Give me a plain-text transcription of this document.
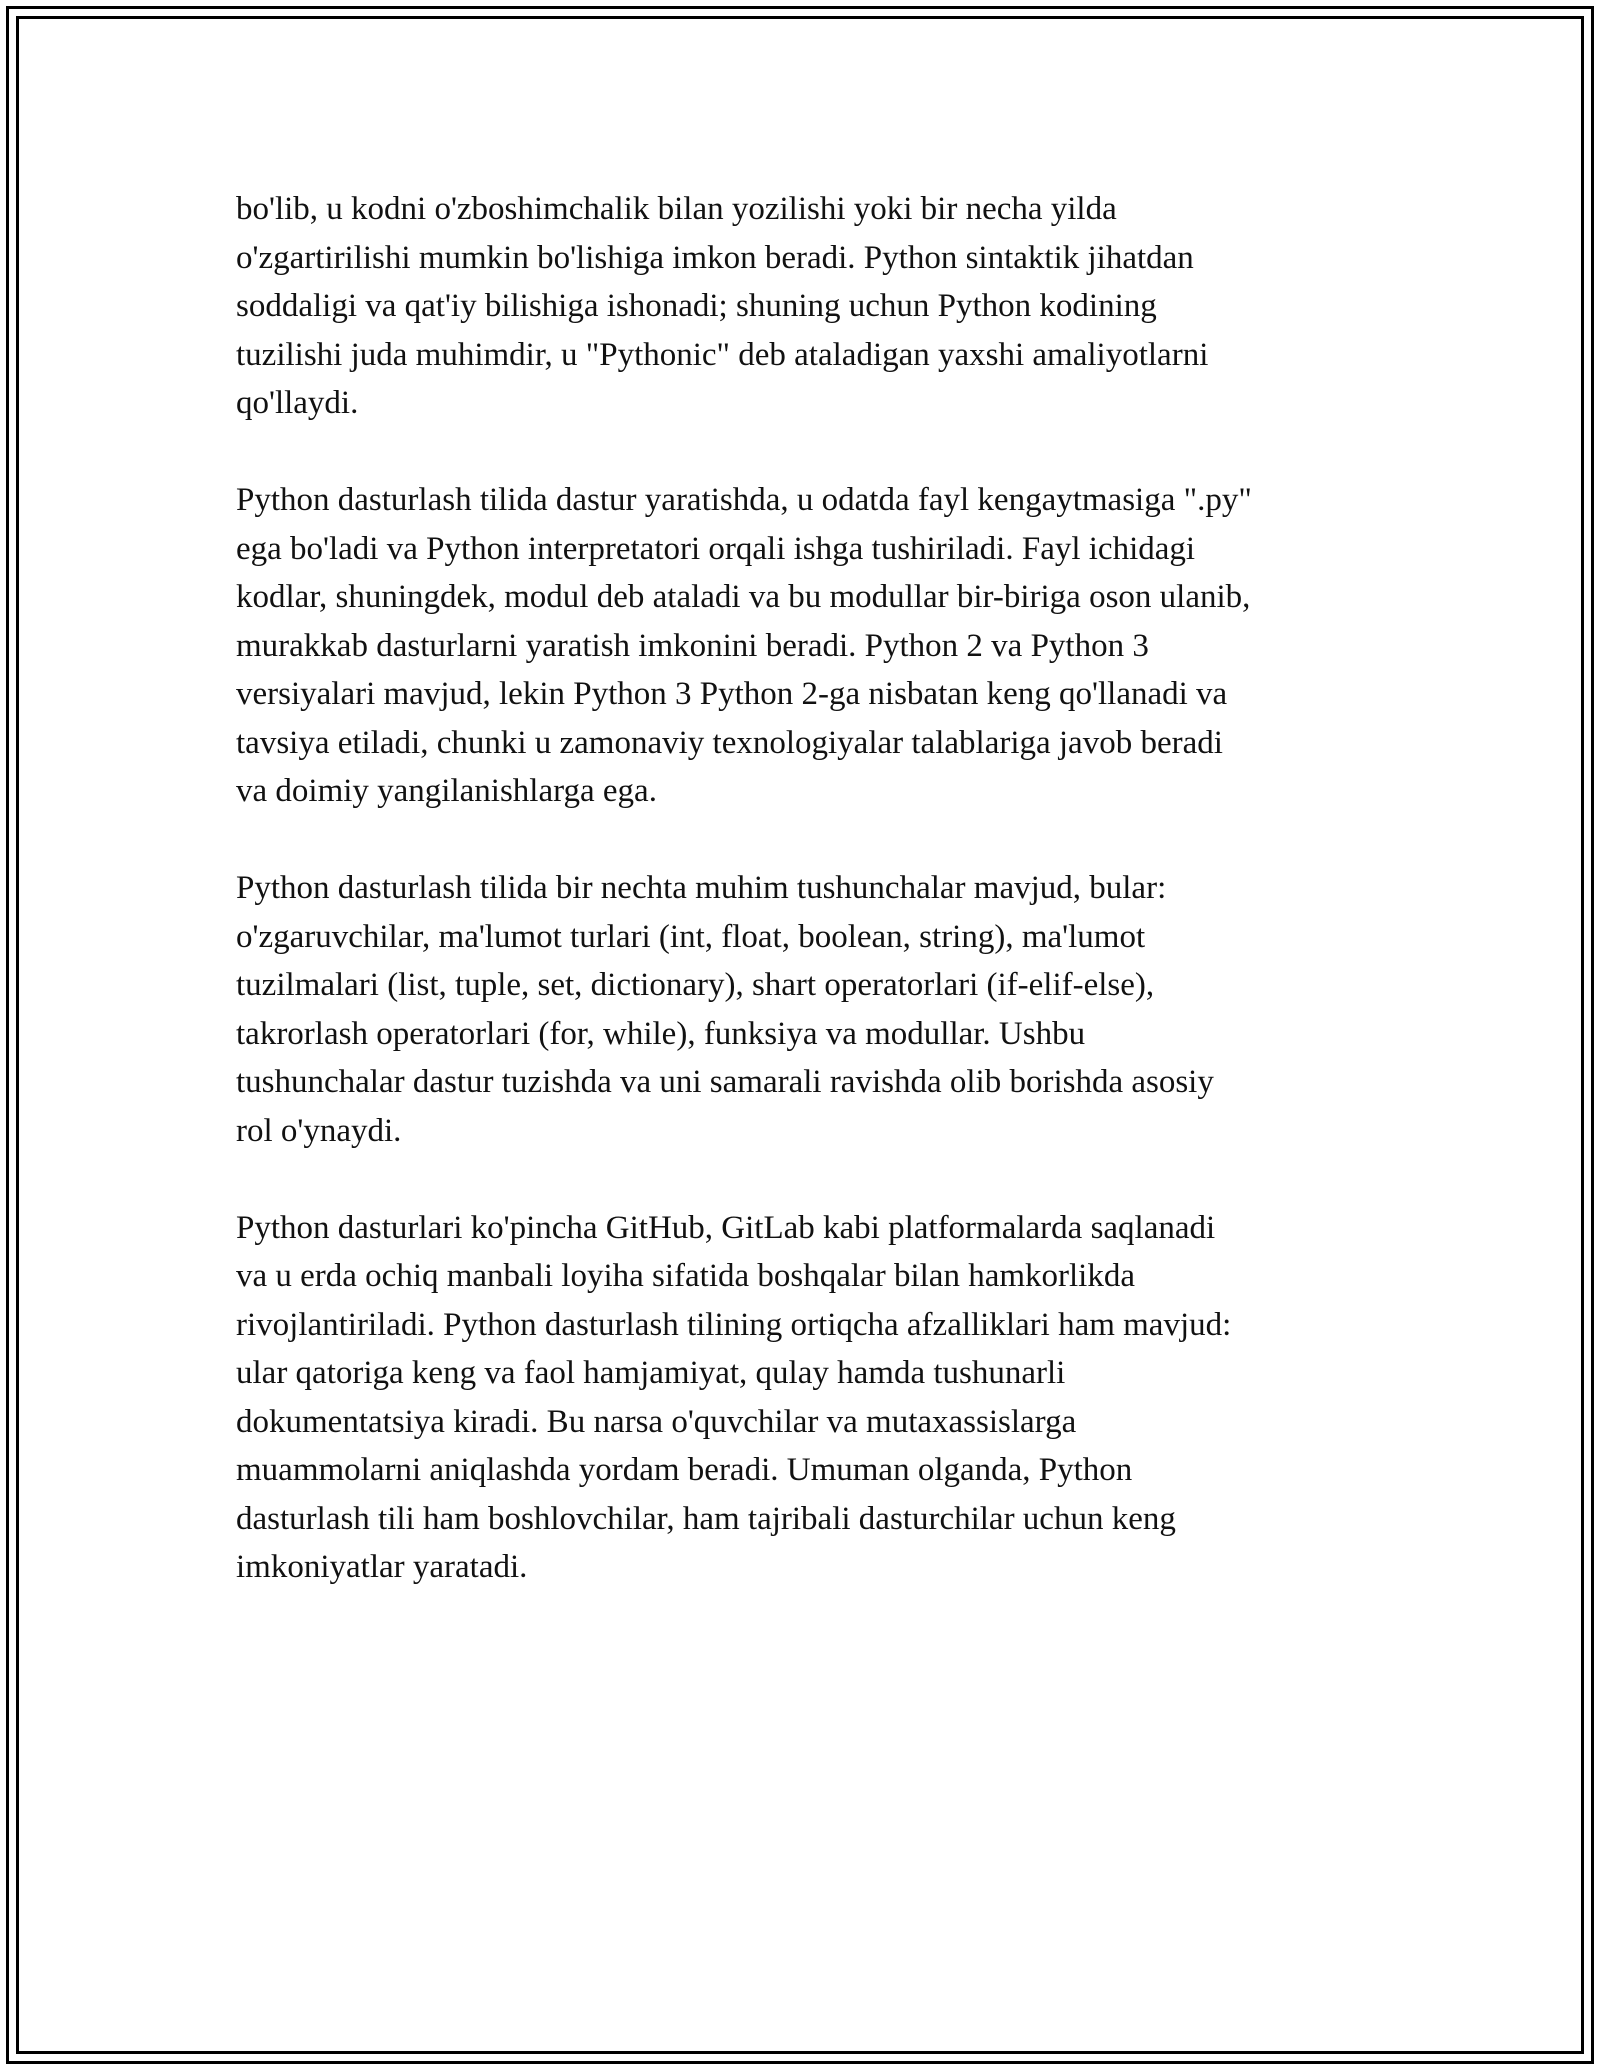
bo'lib, u kodni o'zboshimchalik bilan yozilishi yoki bir necha yilda
o'zgartirilishi mumkin bo'lishiga imkon beradi. Python sintaktik jihatdan
soddaligi va qat'iy bilishiga ishonadi; shuning uchun Python kodining
tuzilishi juda muhimdir, u "Pythonic" deb ataladigan yaxshi amaliyotlarni
qo'llaydi.

Python dasturlash tilida dastur yaratishda, u odatda fayl kengaytmasiga ".py"
ega bo'ladi va Python interpretatori orqali ishga tushiriladi. Fayl ichidagi
kodlar, shuningdek, modul deb ataladi va bu modullar bir-biriga oson ulanib,
murakkab dasturlarni yaratish imkonini beradi. Python 2 va Python 3
versiyalari mavjud, lekin Python 3 Python 2-ga nisbatan keng qo'llanadi va
tavsiya etiladi, chunki u zamonaviy texnologiyalar talablariga javob beradi
va doimiy yangilanishlarga ega.

Python dasturlash tilida bir nechta muhim tushunchalar mavjud, bular:
o'zgaruvchilar, ma'lumot turlari (int, float, boolean, string), ma'lumot
tuzilmalari (list, tuple, set, dictionary), shart operatorlari (if-elif-else),
takrorlash operatorlari (for, while), funksiya va modullar. Ushbu
tushunchalar dastur tuzishda va uni samarali ravishda olib borishda asosiy
rol o'ynaydi.

Python dasturlari ko'pincha GitHub, GitLab kabi platformalarda saqlanadi
va u erda ochiq manbali loyiha sifatida boshqalar bilan hamkorlikda
rivojlantiriladi. Python dasturlash tilining ortiqcha afzalliklari ham mavjud:
ular qatoriga keng va faol hamjamiyat, qulay hamda tushunarli
dokumentatsiya kiradi. Bu narsa o'quvchilar va mutaxassislarga
muammolarni aniqlashda yordam beradi. Umuman olganda, Python
dasturlash tili ham boshlovchilar, ham tajribali dasturchilar uchun keng
imkoniyatlar yaratadi.
